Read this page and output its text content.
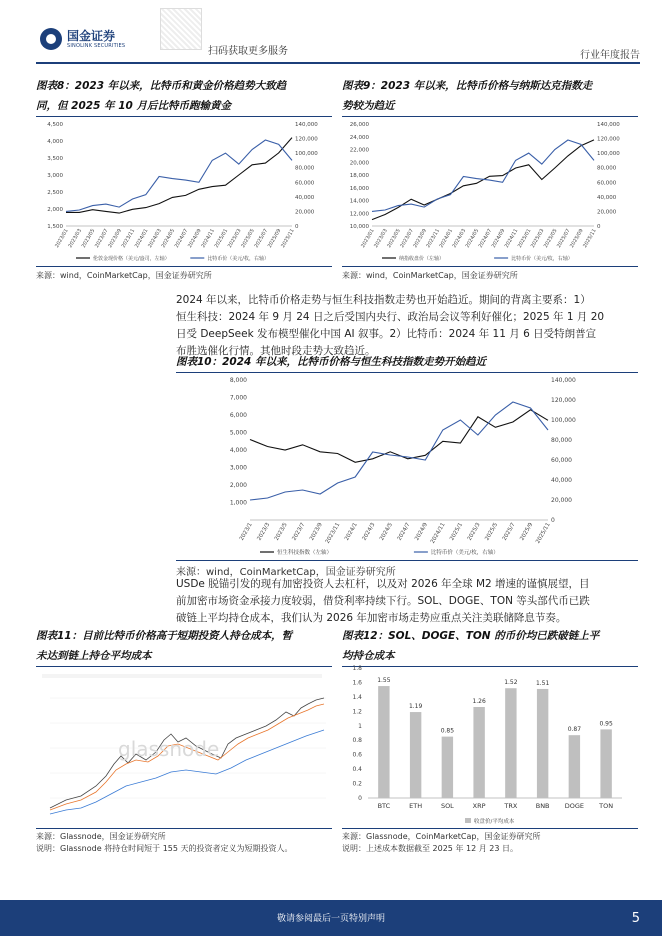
国金证券
SINOLINK SECURITIES
扫码获取更多服务	行业年度报告
图表8：2023 年以来，比特币和黄金价格趋势大致趋
同，但 2025 年 10 月后比特币跑输黄金
1,500
2,000
2,500
3,000
3,500
4,000
4,500
0
20,000
40,000
60,000
80,000
100,000
120,000
140,000
2023/01
2023/03
2023/05
2023/07
2023/09
2023/11
2024/01
2024/03
2024/05
2024/07
2024/09
2024/11
2025/01
2025/03
2025/05
2025/07
2025/09
2025/11
伦敦金现价格（美元/盎司，左轴）	比特币价（美元/枚，右轴）
来源：wind，CoinMarketCap，国金证券研究所
图表9：2023 年以来，比特币价格与纳斯达克指数走
势较为趋近
10,000
12,000
14,000
16,000
18,000
20,000
22,000
24,000
26,000
0
20,000
40,000
60,000
80,000
100,000
120,000
140,000
2023/01
2023/03
2023/05
2023/07
2023/09
2023/11
2024/01
2024/03
2024/05
2024/07
2024/09
2024/11
2025/01
2025/03
2025/05
2025/07
2025/09
2025/11
纳指收盘价（左轴）	比特币价（美元/枚，右轴）
来源：wind，CoinMarketCap，国金证券研究所
2024 年以来，比特币价格走势与恒生科技指数走势也开始趋近。期间的背离主要系：1）
恒生科技：2024 年 9 月 24 日之后受国内央行、政治局会议等利好催化；2025 年 1 月 20
日受 DeepSeek 发布模型催化中国 AI 叙事。2）比特币：2024 年 11 月 6 日受特朗普宣
布胜选催化行情。其他时段走势大致趋近。
图表10：2024 年以来，比特币价格与恒生科技指数走势开始趋近
1,000
2,000
3,000
4,000
5,000
6,000
7,000
8,000
0
20,000
40,000
60,000
80,000
100,000
120,000
140,000
2023/1 2023/3 2023/5 2023/7 2023/9 2023/11 2024/1 2024/3 2024/5 2024/7 2024/9 2024/11 2025/1 2025/3 2025/5 2025/7 2025/9 2025/11
恒生科技指数（左轴）	比特币价（美元/枚，右轴）
来源：wind，CoinMarketCap，国金证券研究所
USDe 脱锚引发的现有加密投资人去杠杆，以及对 2026 年全球 M2 增速的谨慎展望，目
前加密市场资金承接力度较弱，借贷利率持续下行。SOL、DOGE、TON 等头部代币已跌
破链上平均持仓成本，我们认为 2026 年加密市场走势应重点关注美联储降息节奏。
图表11：目前比特币价格高于短期投资人持仓成本，暂
未达到链上持仓平均成本
glassnode
来源：Glassnode，国金证券研究所
说明：Glassnode 将持仓时间短于 155 天的投资者定义为短期投资人。
图表12：SOL、DOGE、TON 的币价均已跌破链上平
均持仓成本
0
0.2
0.4
0.6
0.8
1
1.2
1.4
1.6
1.8
1.55
BTC
1.19
ETH
0.85
SOL
1.26
XRP
1.52
TRX
1.51
BNB
0.87
DOGE
0.95
TON
收盘价/平均成本
来源：Glassnode，CoinMarketCap，国金证券研究所
说明：上述成本数据截至 2025 年 12 月 23 日。
敬请参阅最后一页特别声明	5
